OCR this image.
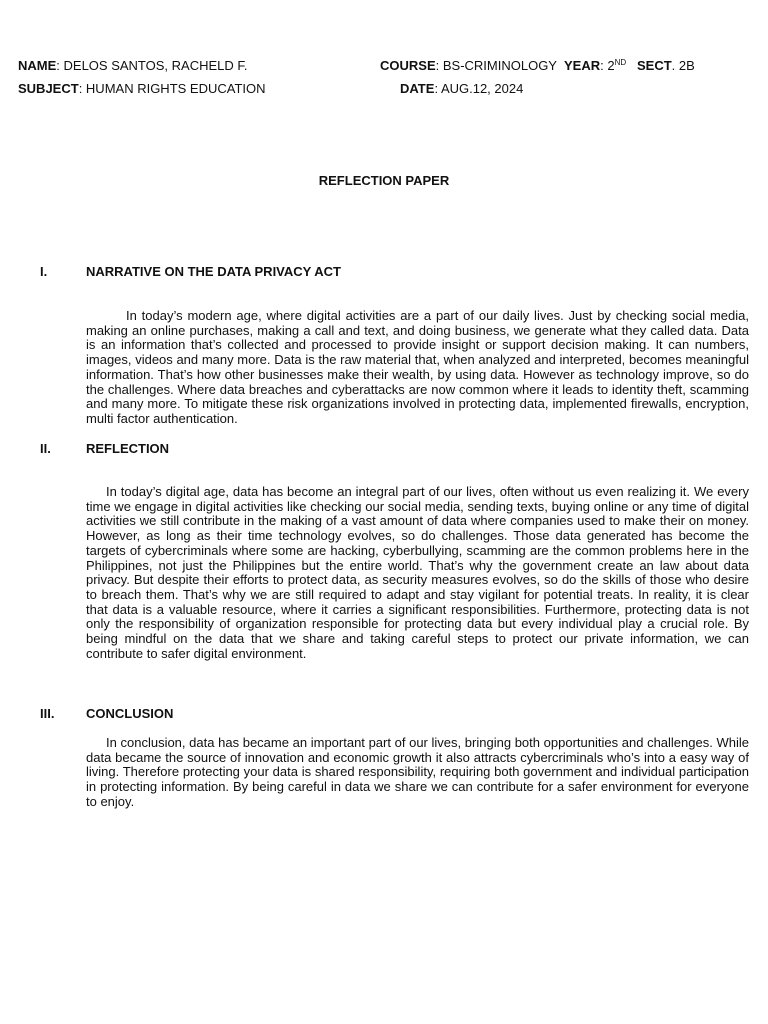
NAME: DELOS SANTOS, RACHELD F.	COURSE: BS-CRIMINOLOGY YEAR: 2ND SECT. 2B
SUBJECT: HUMAN RIGHTS EDUCATION	DATE: AUG.12, 2024
REFLECTION PAPER
I.	NARRATIVE ON THE DATA PRIVACY ACT

In today’s modern age, where digital activities are a part of our daily lives. Just by checking social media, making an online purchases, making a call and text, and doing business, we generate what they called data. Data is an information that’s collected and processed to provide insight or support decision making. It can numbers, images, videos and many more. Data is the raw material that, when analyzed and interpreted, becomes meaningful information. That’s how other businesses make their wealth, by using data. However as technology improve, so do the challenges. Where data breaches and cyberattacks are now common where it leads to identity theft, scamming and many more. To mitigate these risk organizations involved in protecting data, implemented firewalls, encryption, multi factor authentication.

II.	REFLECTION

In today’s digital age, data has become an integral part of our lives, often without us even realizing it. We every time we engage in digital activities like checking our social media, sending texts, buying online or any time of digital activities we still contribute in the making of a vast amount of data where companies used to make their on money. However, as long as their time technology evolves, so do challenges. Those data generated has become the targets of cybercriminals where some are hacking, cyberbullying, scamming are the common problems here in the Philippines, not just the Philippines but the entire world. That’s why the government create an law about data privacy. But despite their efforts to protect data, as security measures evolves, so do the skills of those who desire to breach them. That’s why we are still required to adapt and stay vigilant for potential treats. In reality, it is clear that data is a valuable resource, where it carries a significant responsibilities. Furthermore, protecting data is not only the responsibility of organization responsible for protecting data but every individual play a crucial role. By being mindful on the data that we share and taking careful steps to protect our private information, we can contribute to safer digital environment.

III. CONCLUSION

In conclusion, data has became an important part of our lives, bringing both opportunities and challenges. While data became the source of innovation and economic growth it also attracts cybercriminals who’s into a easy way of living. Therefore protecting your data is shared responsibility, requiring both government and individual participation in protecting information. By being careful in data we share we can contribute for a safer environment for everyone to enjoy.
